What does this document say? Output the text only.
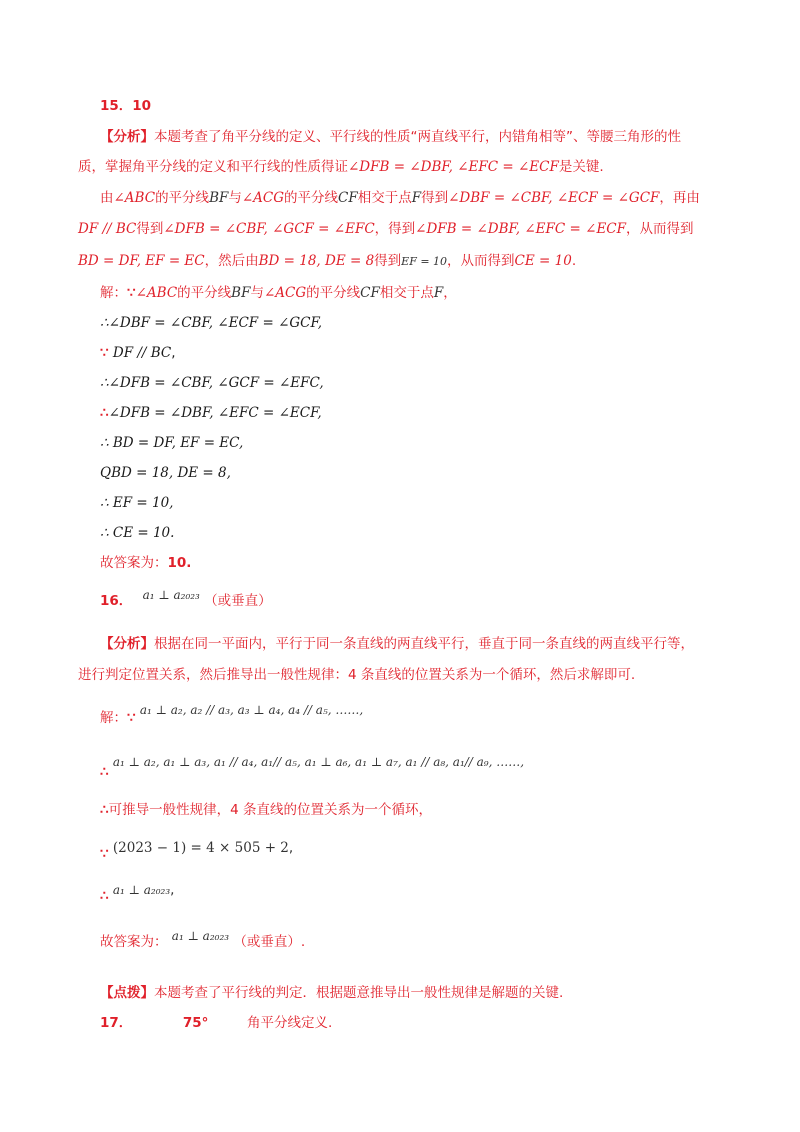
15．10
【分析】本题考查了角平分线的定义、平行线的性质“两直线平行，内错角相等”、等腰三角形的性
质，掌握角平分线的定义和平行线的性质得证∠DFB = ∠DBF, ∠EFC = ∠ECF是关键.
由∠ABC的平分线BF与∠ACG的平分线CF相交于点F得到∠DBF = ∠CBF, ∠ECF = ∠GCF，再由
DF // BC得到∠DFB = ∠CBF, ∠GCF = ∠EFC，得到∠DFB = ∠DBF, ∠EFC = ∠ECF，从而得到
BD = DF, EF = EC，然后由BD = 18, DE = 8得到EF = 10，从而得到CE = 10.
解：∵∠ABC的平分线BF与∠ACG的平分线CF相交于点F，
∴∠DBF = ∠CBF, ∠ECF = ∠GCF,
∵ DF // BC,
∴∠DFB = ∠CBF, ∠GCF = ∠EFC,
∴∠DFB = ∠DBF, ∠EFC = ∠ECF,
∴ BD = DF, EF = EC,
QBD = 18, DE = 8,
∴ EF = 10,
∴ CE = 10.
故答案为：10.
16． a₁ ⊥ a₂₀₂₃ （或垂直）
【分析】根据在同一平面内，平行于同一条直线的两直线平行，垂直于同一条直线的两直线平行等，
进行判定位置关系，然后推导出一般性规律：4 条直线的位置关系为一个循环，然后求解即可.
解：∵ a₁ ⊥ a₂, a₂ // a₃, a₃ ⊥ a₄, a₄ // a₅, ……,
∴ a₁ ⊥ a₂, a₁ ⊥ a₃, a₁ // a₄, a₁// a₅, a₁ ⊥ a₆, a₁ ⊥ a₇, a₁ // a₈, a₁// a₉, ……,
∴可推导一般性规律，4 条直线的位置关系为一个循环，
∵ (2023 − 1) = 4 × 505 + 2,
∴ a₁ ⊥ a₂₀₂₃,
故答案为： a₁ ⊥ a₂₀₂₃ （或垂直）.
【点拨】本题考查了平行线的判定．根据题意推导出一般性规律是解题的关键.
17．	75°	角平分线定义.
